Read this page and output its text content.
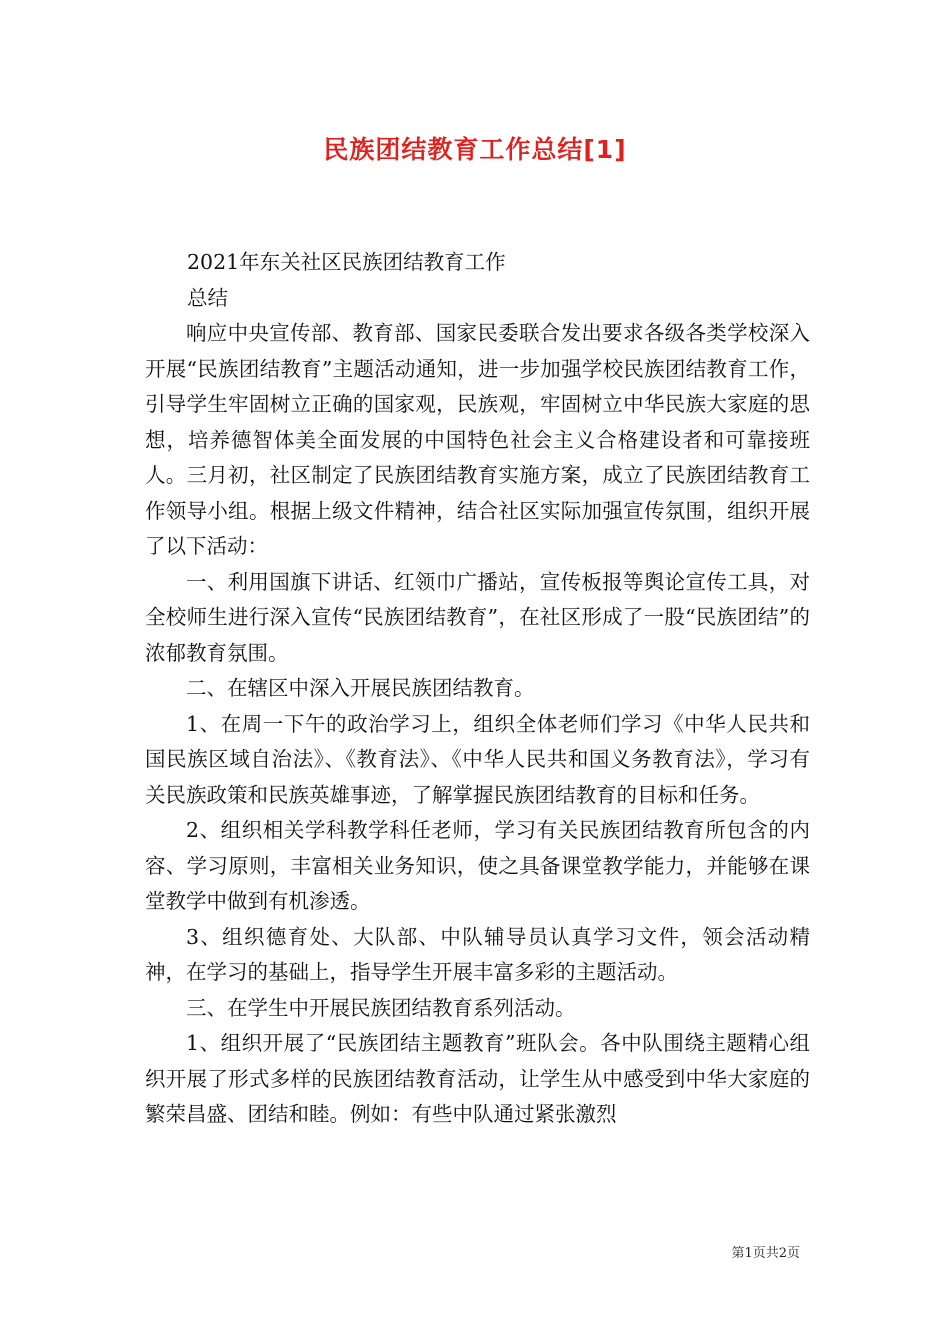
民族团结教育工作总结[1]

2021年东关社区民族团结教育工作

总结

响应中央宣传部、教育部、国家民委联合发出要求各级各类学校深入开展“民族团结教育”主题活动通知，进一步加强学校民族团结教育工作，引导学生牢固树立正确的国家观，民族观，牢固树立中华民族大家庭的思想，培养德智体美全面发展的中国特色社会主义合格建设者和可靠接班人。三月初，社区制定了民族团结教育实施方案，成立了民族团结教育工作领导小组。根据上级文件精神，结合社区实际加强宣传氛围，组织开展了以下活动：

一、利用国旗下讲话、红领巾广播站，宣传板报等舆论宣传工具，对全校师生进行深入宣传“民族团结教育”，在社区形成了一股“民族团结”的浓郁教育氛围。

二、在辖区中深入开展民族团结教育。

1、在周一下午的政治学习上，组织全体老师们学习《中华人民共和国民族区域自治法》、《教育法》、《中华人民共和国义务教育法》，学习有关民族政策和民族英雄事迹，了解掌握民族团结教育的目标和任务。

2、组织相关学科教学科任老师，学习有关民族团结教育所包含的内容、学习原则，丰富相关业务知识，使之具备课堂教学能力，并能够在课堂教学中做到有机渗透。

3、组织德育处、大队部、中队辅导员认真学习文件，领会活动精神，在学习的基础上，指导学生开展丰富多彩的主题活动。

三、在学生中开展民族团结教育系列活动。

1、组织开展了“民族团结主题教育”班队会。各中队围绕主题精心组织开展了形式多样的民族团结教育活动，让学生从中感受到中华大家庭的繁荣昌盛、团结和睦。例如：有些中队通过紧张激烈

第1页共2页
